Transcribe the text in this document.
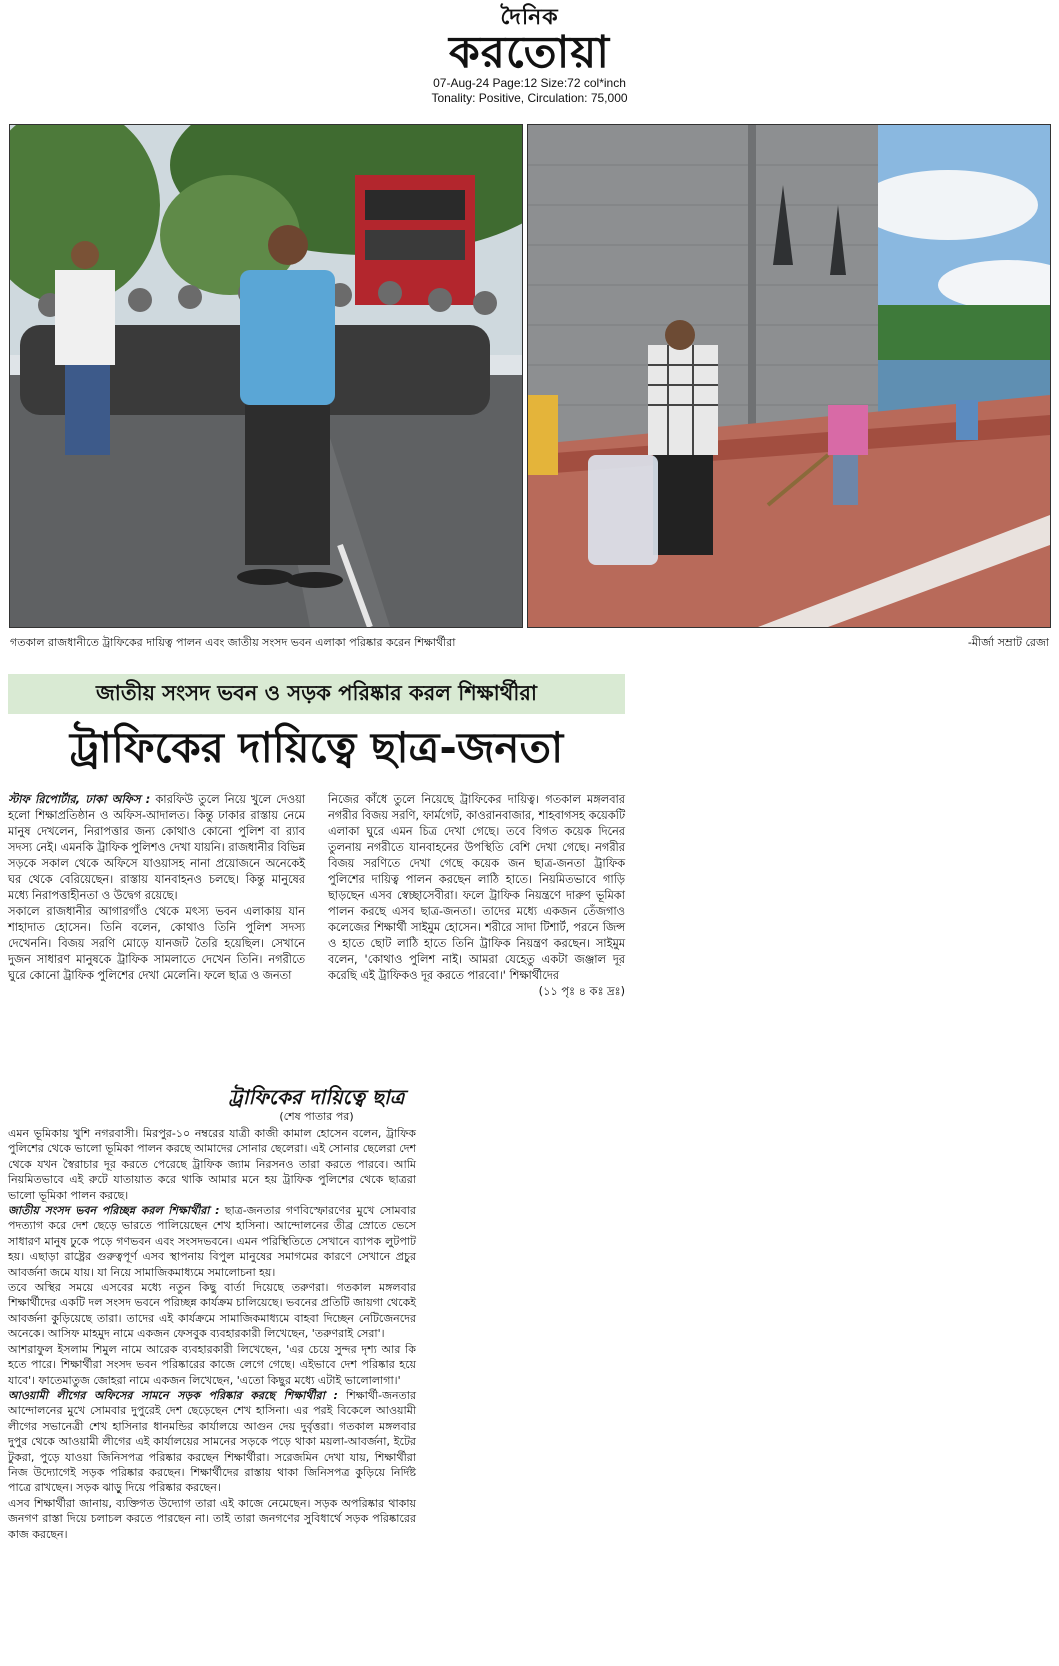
দৈনিক
করতোয়া
07-Aug-24 Page:12 Size:72 col*inch
Tonality: Positive, Circulation: 75,000
গতকাল রাজধানীতে ট্রাফিকের দায়িত্ব পালন এবং জাতীয় সংসদ ভবন এলাকা পরিষ্কার করেন শিক্ষার্থীরা	-মীর্জা সম্রাট রেজা
জাতীয় সংসদ ভবন ও সড়ক পরিষ্কার করল শিক্ষার্থীরা
ট্রাফিকের দায়িত্বে ছাত্র-জনতা

স্টাফ রিপোর্টার, ঢাকা অফিস : কারফিউ তুলে নিয়ে খুলে দেওয়া হলো শিক্ষাপ্রতিষ্ঠান ও অফিস-আদালত। কিন্তু ঢাকার রাস্তায় নেমে মানুষ দেখলেন, নিরাপত্তার জন্য কোথাও কোনো পুলিশ বা র‍্যাব সদস্য নেই। এমনকি ট্রাফিক পুলিশও দেখা যায়নি। রাজধানীর বিভিন্ন সড়কে সকাল থেকে অফিসে যাওয়াসহ নানা প্রয়োজনে অনেকেই ঘর থেকে বেরিয়েছেন। রাস্তায় যানবাহনও চলছে। কিন্তু মানুষের মধ্যে নিরাপত্তাহীনতা ও উদ্বেগ রয়েছে।

সকালে রাজধানীর আগারগাঁও থেকে মৎস্য ভবন এলাকায় যান শাহাদাত হোসেন। তিনি বলেন, কোথাও তিনি পুলিশ সদস্য দেখেননি। বিজয় সরণি মোড়ে যানজট তৈরি হয়েছিল। সেখানে দুজন সাধারণ মানুষকে ট্রাফিক সামলাতে দেখেন তিনি। নগরীতে ঘুরে কোনো ট্রাফিক পুলিশের দেখা মেলেনি। ফলে ছাত্র ও জনতা

নিজের কাঁধে তুলে নিয়েছে ট্রাফিকের দায়িত্ব। গতকাল মঙ্গলবার নগরীর বিজয় সরণি, ফার্মগেট, কাওরানবাজার, শাহবাগসহ কয়েকটি এলাকা ঘুরে এমন চিত্র দেখা গেছে। তবে বিগত কয়েক দিনের তুলনায় নগরীতে যানবাহনের উপস্থিতি বেশি দেখা গেছে। নগরীর বিজয় সরণিতে দেখা গেছে কয়েক জন ছাত্র-জনতা ট্রাফিক পুলিশের দায়িত্ব পালন করছেন লাঠি হাতে। নিয়মিতভাবে গাড়ি ছাড়ছেন এসব স্বেচ্ছাসেবীরা। ফলে ট্রাফিক নিয়ন্ত্রণে দারুণ ভূমিকা পালন করছে এসব ছাত্র-জনতা। তাদের মধ্যে একজন তেঁজগাও কলেজের শিক্ষার্থী সাইমুম হোসেন। শরীরে সাদা টিশার্ট, পরনে জিন্স ও হাতে ছোট লাঠি হাতে তিনি ট্রাফিক নিয়ন্ত্রণ করছেন। সাইমুম বলেন, 'কোথাও পুলিশ নাই। আমরা যেহেতু একটা জঞ্জাল দূর করেছি এই ট্রাফিকও দূর করতে পারবো।' শিক্ষার্থীদের

(১১ পৃঃ ৪ কঃ দ্রঃ)

ট্রাফিকের দায়িত্বে ছাত্র
(শেষ পাতার পর)

এমন ভূমিকায় খুশি নগরবাসী। মিরপুর-১০ নম্বরের যাত্রী কাজী কামাল হোসেন বলেন, ট্রাফিক পুলিশের থেকে ভালো ভূমিকা পালন করছে আমাদের সোনার ছেলেরা। এই সোনার ছেলেরা দেশ থেকে যখন স্বৈরাচার দূর করতে পেরেছে ট্রাফিক জ্যাম নিরসনও তারা করতে পারবে। আমি নিয়মিতভাবে এই রুটে যাতায়াত করে থাকি আমার মনে হয় ট্রাফিক পুলিশের থেকে ছাত্ররা ভালো ভূমিকা পালন করছে।

জাতীয় সংসদ ভবন পরিচ্ছন্ন করল শিক্ষার্থীরা : ছাত্র-জনতার গণবিস্ফোরণের মুখে সোমবার পদত্যাগ করে দেশ ছেড়ে ভারতে পালিয়েছেন শেখ হাসিনা। আন্দোলনের তীব্র স্রোতে ভেসে সাধারণ মানুষ ঢুকে পড়ে গণভবন এবং সংসদভবনে। এমন পরিস্থিতিতে সেখানে ব্যাপক লুটপাট হয়। এছাড়া রাষ্ট্রের গুরুত্বপূর্ণ এসব স্থাপনায় বিপুল মানুষের সমাগমের কারণে সেখানে প্রচুর আবর্জনা জমে যায়। যা নিয়ে সামাজিকমাধ্যমে সমালোচনা হয়।

তবে অস্থির সময়ে এসবের মধ্যে নতুন কিছু বার্তা দিয়েছে তরুণরা। গতকাল মঙ্গলবার শিক্ষার্থীদের একটি দল সংসদ ভবনে পরিচ্ছন্ন কার্যক্রম চালিয়েছে। ভবনের প্রতিটি জায়গা থেকেই আবর্জনা কুড়িয়েছে তারা। তাদের এই কার্যক্রমে সামাজিকমাধ্যমে বাহবা দিচ্ছেন নেটিজেনদের অনেকে। আসিফ মাহমুদ নামে একজন ফেসবুক ব্যবহারকারী লিখেছেন, 'তরুণরাই সেরা'।

আশরাফুল ইসলাম শিমুল নামে আরেক ব্যবহারকারী লিখেছেন, 'এর চেয়ে সুন্দর দৃশ্য আর কি হতে পারে। শিক্ষার্থীরা সংসদ ভবন পরিষ্কারের কাজে লেগে গেছে। এইভাবে দেশ পরিষ্কার হয়ে যাবে'। ফাতেমাতুজ জোহরা নামে একজন লিখেছেন, 'এতো কিছুর মধ্যে এটাই ভালোলাগা।'

আওয়ামী লীগের অফিসের সামনে সড়ক পরিষ্কার করছে শিক্ষার্থীরা : শিক্ষার্থী-জনতার আন্দোলনের মুখে সোমবার দুপুরেই দেশ ছেড়েছেন শেখ হাসিনা। এর পরই বিকেলে আওয়ামী লীগের সভানেত্রী শেখ হাসিনার ধানমন্ডির কার্যালয়ে আগুন দেয় দুর্বৃত্তরা। গতকাল মঙ্গলবার দুপুর থেকে আওয়ামী লীগের এই কার্যালয়ের সামনের সড়কে পড়ে থাকা ময়লা-আবর্জনা, ইটের টুকরা, পুড়ে যাওয়া জিনিসপত্র পরিষ্কার করছেন শিক্ষার্থীরা। সরেজমিন দেখা যায়, শিক্ষার্থীরা নিজ উদ্যোগেই সড়ক পরিষ্কার করছেন। শিক্ষার্থীদের রাস্তায় থাকা জিনিসপত্র কুড়িয়ে নির্দিষ্ট পাত্রে রাখছেন। সড়ক ঝাড়ু দিয়ে পরিষ্কার করছেন।

এসব শিক্ষার্থীরা জানায়, ব্যক্তিগত উদ্যোগ তারা এই কাজে নেমেছেন। সড়ক অপরিষ্কার থাকায় জনগণ রাস্তা দিয়ে চলাচল করতে পারছেন না। তাই তারা জনগণের সুবিধার্থে সড়ক পরিষ্কারের কাজ করছেন।
